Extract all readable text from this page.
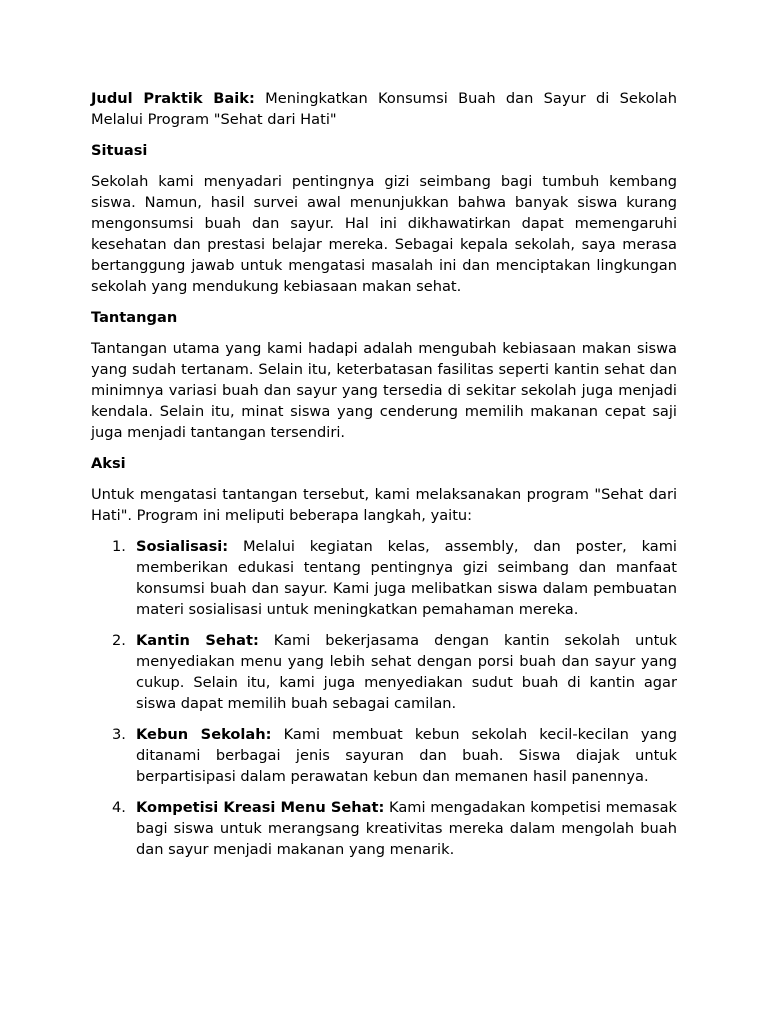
Judul Praktik Baik: Meningkatkan Konsumsi Buah dan Sayur di Sekolah Melalui Program "Sehat dari Hati"

Situasi

Sekolah kami menyadari pentingnya gizi seimbang bagi tumbuh kembang siswa. Namun, hasil survei awal menunjukkan bahwa banyak siswa kurang mengonsumsi buah dan sayur. Hal ini dikhawatirkan dapat memengaruhi kesehatan dan prestasi belajar mereka. Sebagai kepala sekolah, saya merasa bertanggung jawab untuk mengatasi masalah ini dan menciptakan lingkungan sekolah yang mendukung kebiasaan makan sehat.

Tantangan

Tantangan utama yang kami hadapi adalah mengubah kebiasaan makan siswa yang sudah tertanam. Selain itu, keterbatasan fasilitas seperti kantin sehat dan minimnya variasi buah dan sayur yang tersedia di sekitar sekolah juga menjadi kendala. Selain itu, minat siswa yang cenderung memilih makanan cepat saji juga menjadi tantangan tersendiri.

Aksi

Untuk mengatasi tantangan tersebut, kami melaksanakan program "Sehat dari Hati". Program ini meliputi beberapa langkah, yaitu:

1. Sosialisasi: Melalui kegiatan kelas, assembly, dan poster, kami memberikan edukasi tentang pentingnya gizi seimbang dan manfaat konsumsi buah dan sayur. Kami juga melibatkan siswa dalam pembuatan materi sosialisasi untuk meningkatkan pemahaman mereka.
2. Kantin Sehat: Kami bekerjasama dengan kantin sekolah untuk menyediakan menu yang lebih sehat dengan porsi buah dan sayur yang cukup. Selain itu, kami juga menyediakan sudut buah di kantin agar siswa dapat memilih buah sebagai camilan.
3. Kebun Sekolah: Kami membuat kebun sekolah kecil-kecilan yang ditanami berbagai jenis sayuran dan buah. Siswa diajak untuk berpartisipasi dalam perawatan kebun dan memanen hasil panennya.
4. Kompetisi Kreasi Menu Sehat: Kami mengadakan kompetisi memasak bagi siswa untuk merangsang kreativitas mereka dalam mengolah buah dan sayur menjadi makanan yang menarik.
